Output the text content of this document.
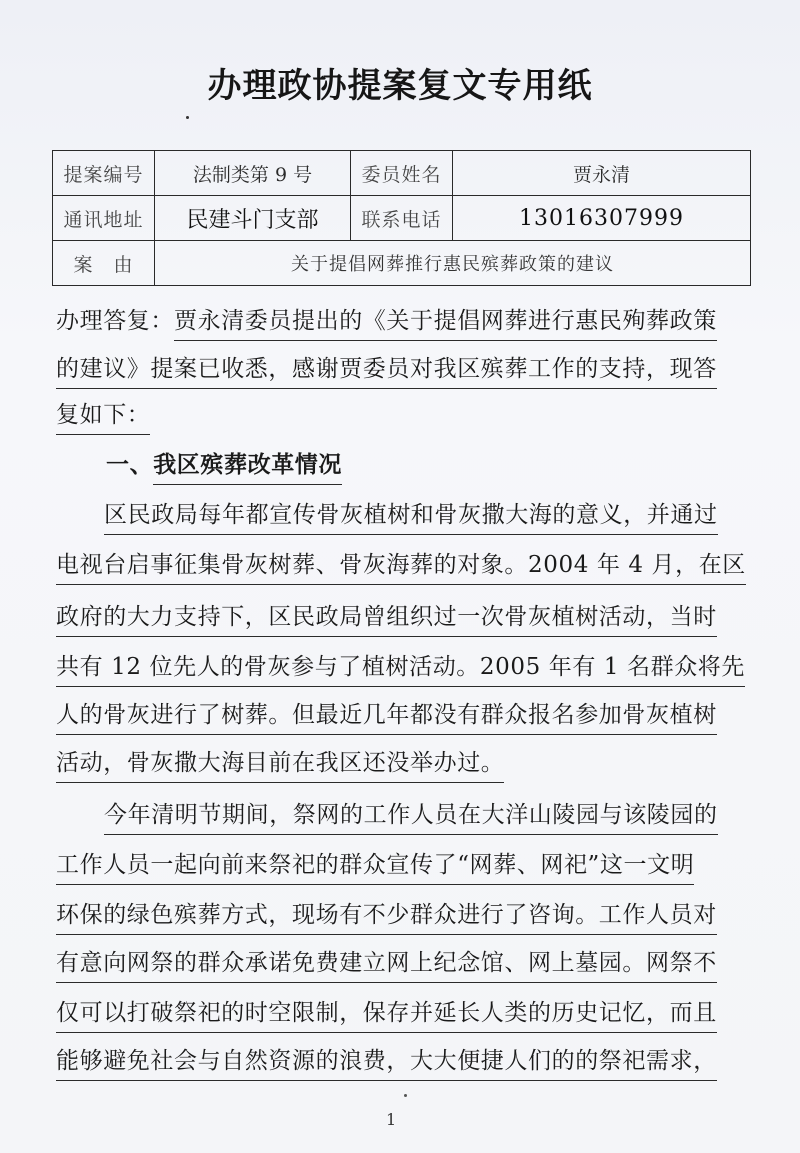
办理政协提案复文专用纸
提案编号	法制类第 9 号	委员姓名	贾永清
通讯地址	民建斗门支部	联系电话	13016307999
案　由	关于提倡网葬推行惠民殡葬政策的建议		
办理答复：贾永清委员提出的《关于提倡网葬进行惠民殉葬政策
的建议》提案已收悉，感谢贾委员对我区殡葬工作的支持，现答
复如下：
一、我区殡葬改革情况
区民政局每年都宣传骨灰植树和骨灰撒大海的意义，并通过
电视台启事征集骨灰树葬、骨灰海葬的对象。2004 年 4 月，在区
政府的大力支持下，区民政局曾组织过一次骨灰植树活动，当时
共有 12 位先人的骨灰参与了植树活动。2005 年有 1 名群众将先
人的骨灰进行了树葬。但最近几年都没有群众报名参加骨灰植树
活动，骨灰撒大海目前在我区还没举办过。
今年清明节期间，祭网的工作人员在大洋山陵园与该陵园的
工作人员一起向前来祭祀的群众宣传了“网葬、网祀”这一文明
环保的绿色殡葬方式，现场有不少群众进行了咨询。工作人员对
有意向网祭的群众承诺免费建立网上纪念馆、网上墓园。网祭不
仅可以打破祭祀的时空限制，保存并延长人类的历史记忆，而且
能够避免社会与自然资源的浪费，大大便捷人们的的祭祀需求，
1
